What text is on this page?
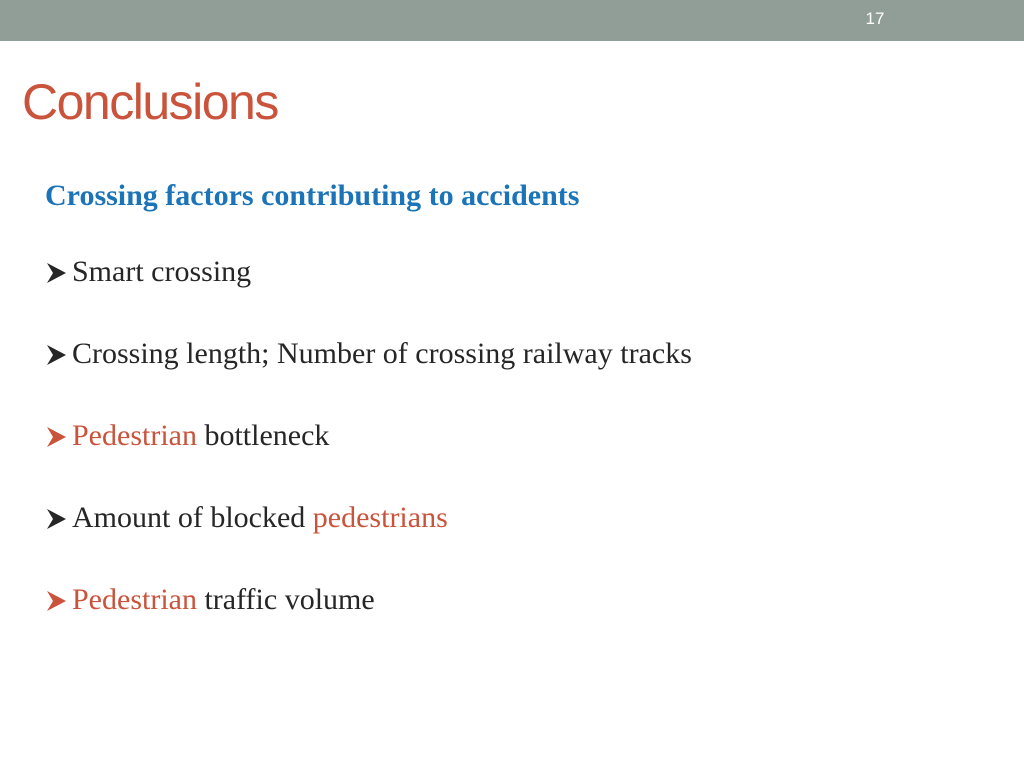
17
Conclusions
Crossing factors contributing to accidents
Smart crossing
Crossing length; Number of crossing railway tracks
Pedestrian bottleneck
Amount of blocked pedestrians
Pedestrian traffic volume
